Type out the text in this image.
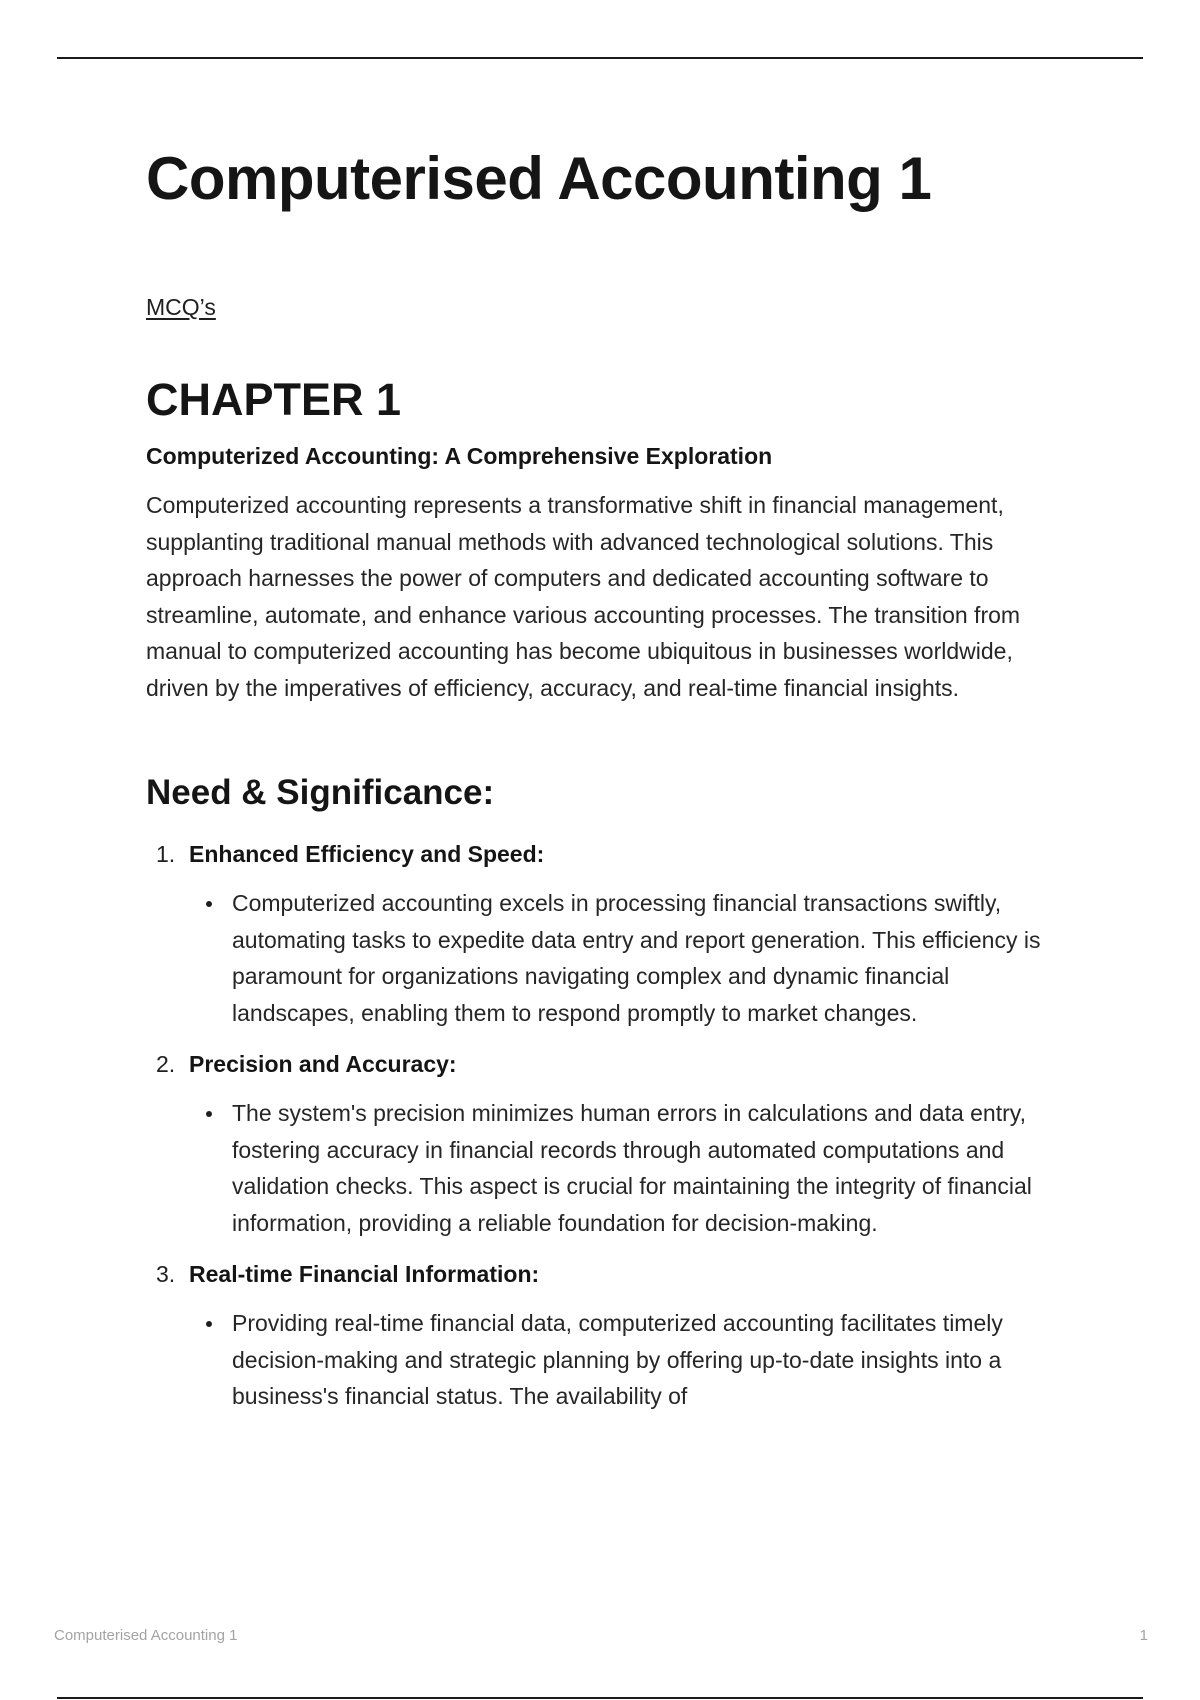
Computerised Accounting 1
MCQ’s
CHAPTER 1
Computerized Accounting: A Comprehensive Exploration

Computerized accounting represents a transformative shift in financial management, supplanting traditional manual methods with advanced technological solutions. This approach harnesses the power of computers and dedicated accounting software to streamline, automate, and enhance various accounting processes. The transition from manual to computerized accounting has become ubiquitous in businesses worldwide, driven by the imperatives of efficiency, accuracy, and real-time financial insights.

Need & Significance:
1. Enhanced Efficiency and Speed:
Computerized accounting excels in processing financial transactions swiftly, automating tasks to expedite data entry and report generation. This efficiency is paramount for organizations navigating complex and dynamic financial landscapes, enabling them to respond promptly to market changes.
2. Precision and Accuracy:
The system's precision minimizes human errors in calculations and data entry, fostering accuracy in financial records through automated computations and validation checks. This aspect is crucial for maintaining the integrity of financial information, providing a reliable foundation for decision-making.
3. Real-time Financial Information:
Providing real-time financial data, computerized accounting facilitates timely decision-making and strategic planning by offering up-to-date insights into a business's financial status. The availability of
Computerised Accounting 1	1
